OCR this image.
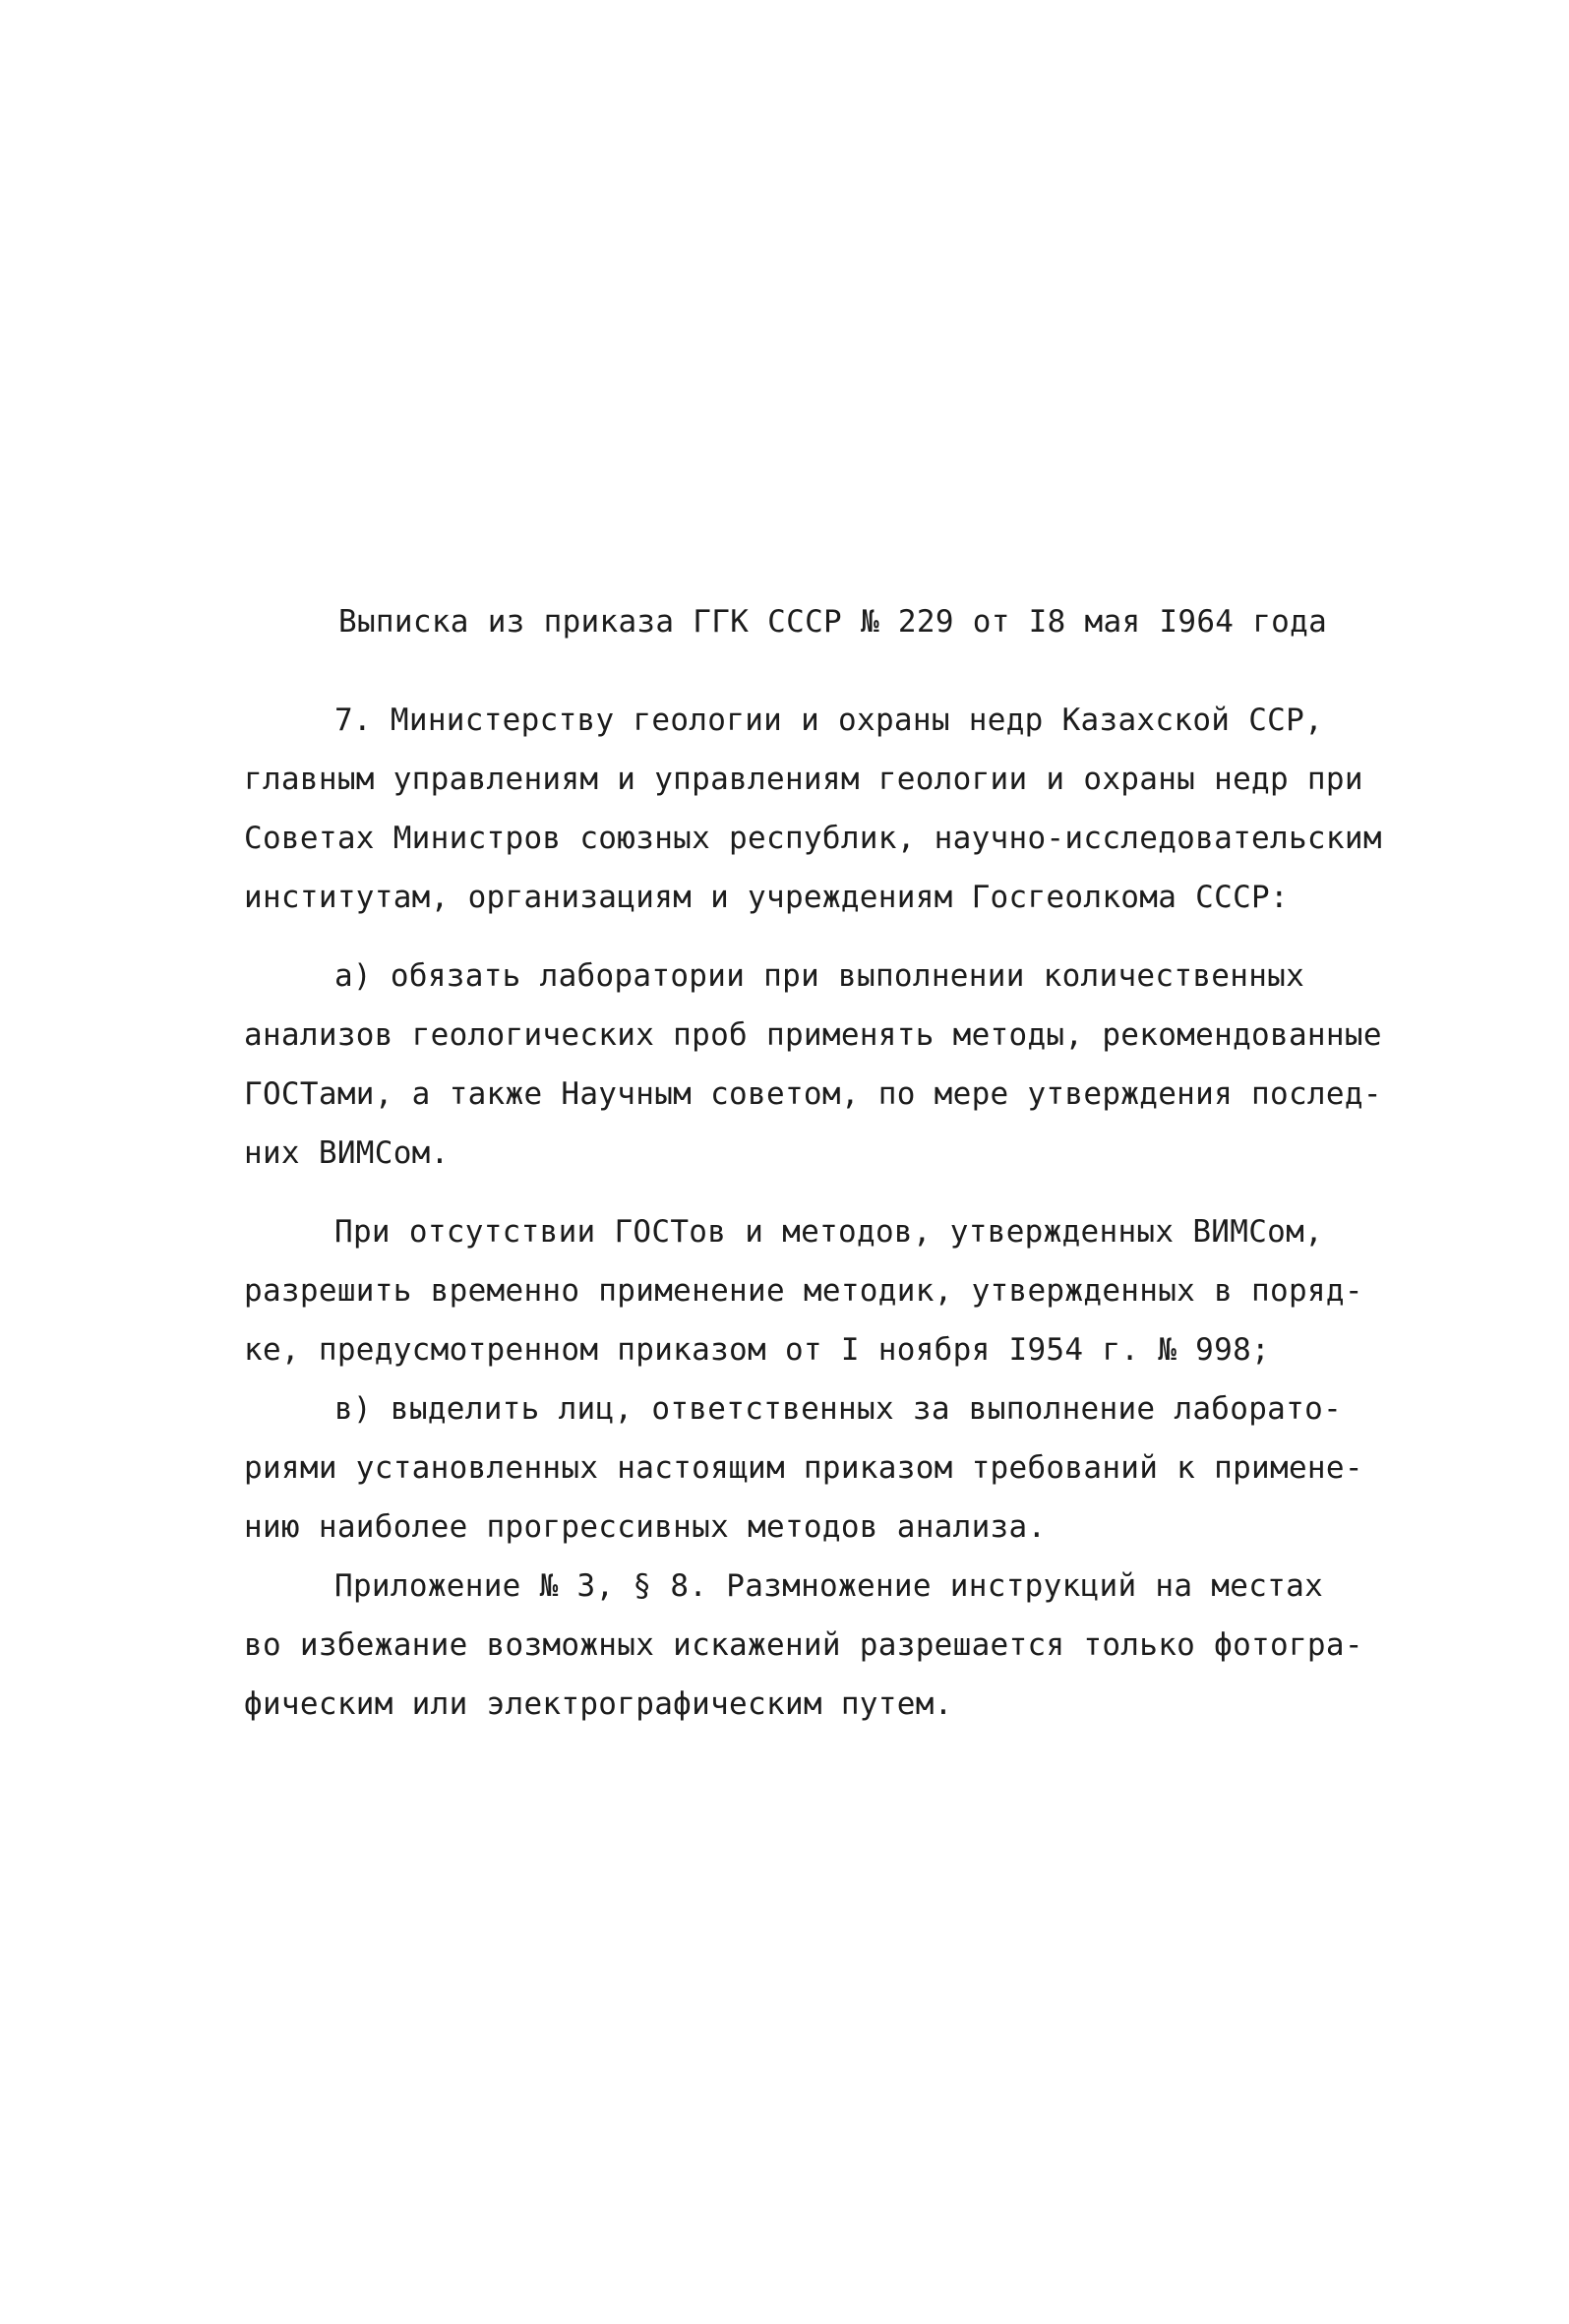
Выписка из приказа ГГК СССР № 229 от I8 мая I964 года

7. Министерству геологии и охраны недр Казахской ССР,

главным управлениям и управлениям геологии и охраны недр при

Советах Министров союзных республик, научно-исследовательским

институтам, организациям и учреждениям Госгеолкома СССР:

а) обязать лаборатории при выполнении количественных

анализов геологических проб применять методы, рекомендованные

ГОСТами, а также Научным советом, по мере утверждения послед-

них ВИМСом.

При отсутствии ГОСТов и методов, утвержденных ВИМСом,

разрешить временно применение методик, утвержденных в поряд-

ке, предусмотренном приказом от I ноября I954 г. № 998;

в) выделить лиц, ответственных за выполнение лаборато-

риями установленных настоящим приказом требований к примене-

нию наиболее прогрессивных методов анализа.

Приложение № 3, § 8. Размножение инструкций на местах

во избежание возможных искажений разрешается только фотогра-

фическим или электрографическим путем.
